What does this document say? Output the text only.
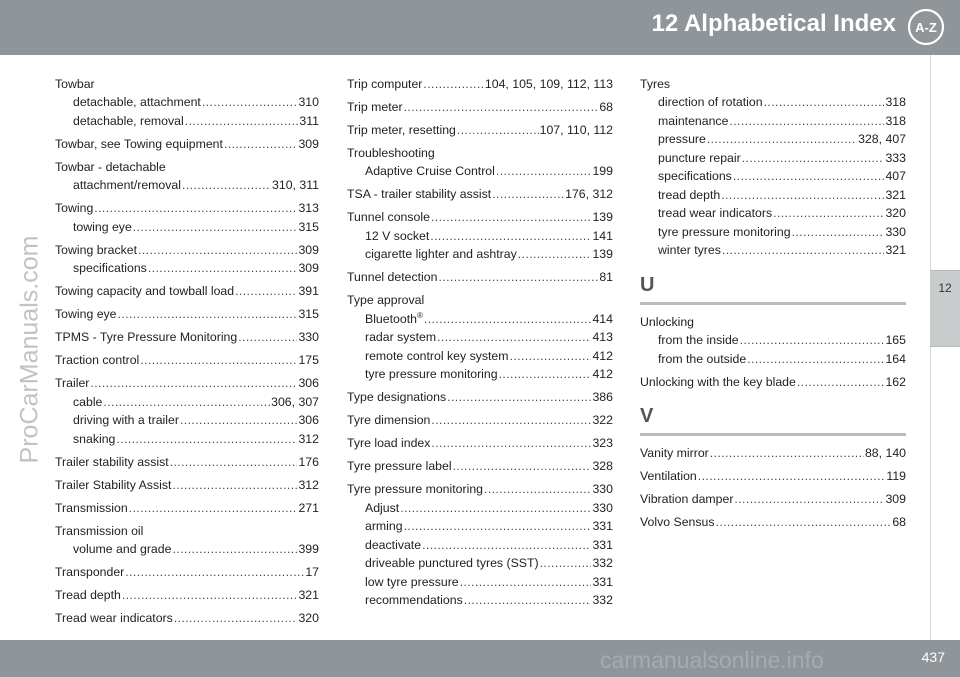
12 Alphabetical Index A-Z
12
ProCarManuals.com
Towbar
detachable, attachment .....	310
detachable, removal .....	311
Towbar, see Towing equipment .....	309
Towbar - detachable
attachment/removal .....	310, 311
Towing .....	313
towing eye .....	315
Towing bracket .....	309
specifications .....	309
Towing capacity and towball load .....	391
Towing eye .....	315
TPMS - Tyre Pressure Monitoring .....	330
Traction control .....	175
Trailer .....	306
cable .....	306, 307
driving with a trailer .....	306
snaking .....	312
Trailer stability assist .....	176
Trailer Stability Assist .....	312
Transmission .....	271
Transmission oil
volume and grade .....	399
Transponder .....	17
Tread depth .....	321
Tread wear indicators .....	320
Trip computer .....	104, 105, 109, 112, 113
Trip meter .....	68
Trip meter, resetting .....	107, 110, 112
Troubleshooting
Adaptive Cruise Control .....	199
TSA - trailer stability assist .....	176, 312
Tunnel console .....	139
12 V socket .....	141
cigarette lighter and ashtray .....	139
Tunnel detection .....	81
Type approval
Bluetooth® .....	414
radar system .....	413
remote control key system .....	412
tyre pressure monitoring .....	412
Type designations .....	386
Tyre dimension .....	322
Tyre load index .....	323
Tyre pressure label .....	328
Tyre pressure monitoring .....	330
Adjust .....	330
arming .....	331
deactivate .....	331
driveable punctured tyres (SST) .....	332
low tyre pressure .....	331
recommendations .....	332
Tyres
direction of rotation .....	318
maintenance .....	318
pressure .....	328, 407
puncture repair .....	333
specifications .....	407
tread depth .....	321
tread wear indicators .....	320
tyre pressure monitoring .....	330
winter tyres .....	321
U
Unlocking
from the inside .....	165
from the outside .....	164
Unlocking with the key blade .....	162
V
Vanity mirror .....	88, 140
Ventilation .....	119
Vibration damper .....	309
Volvo Sensus .....	68
437
carmanualsonline.info
